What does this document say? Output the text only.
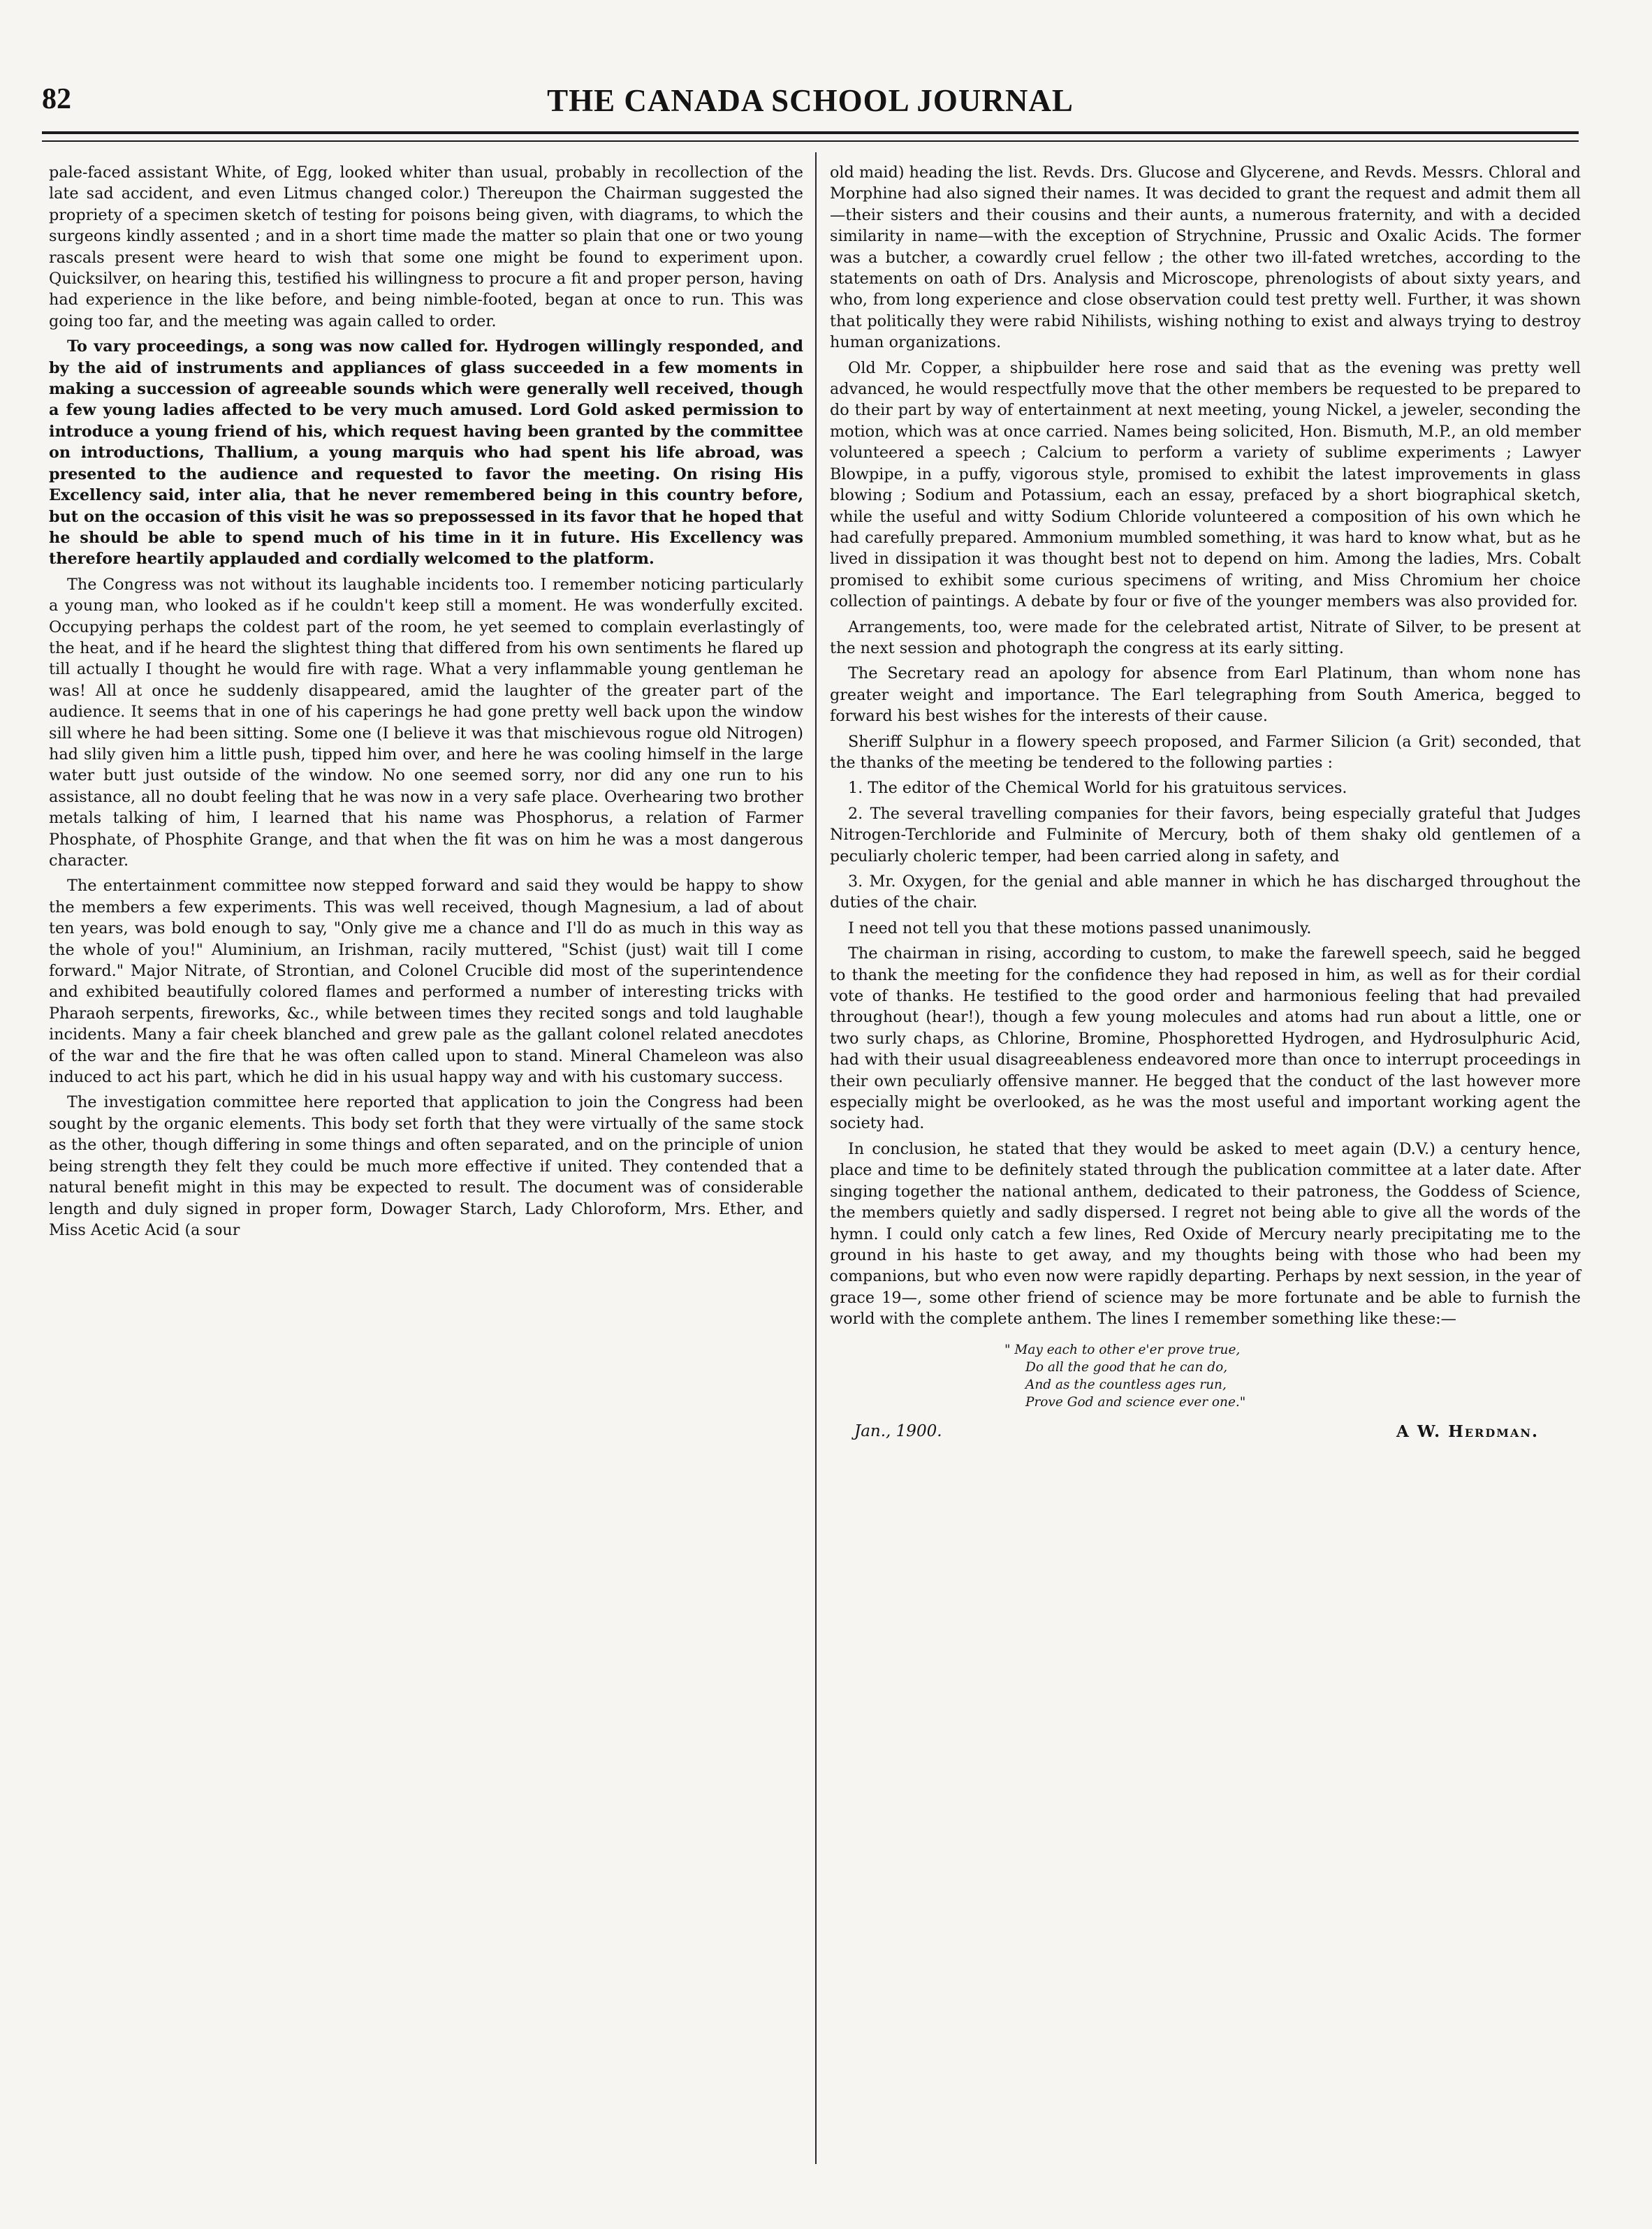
82	THE CANADA SCHOOL JOURNAL

pale-faced assistant White, of Egg, looked whiter than usual, probably in recollection of the late sad accident, and even Litmus changed color.) Thereupon the Chairman suggested the propriety of a specimen sketch of testing for poisons being given, with diagrams, to which the surgeons kindly assented ; and in a short time made the matter so plain that one or two young rascals present were heard to wish that some one might be found to experiment upon. Quicksilver, on hearing this, testified his willingness to procure a fit and proper person, having had experience in the like before, and being nimble-footed, began at once to run. This was going too far, and the meeting was again called to order.

To vary proceedings, a song was now called for. Hydrogen willingly responded, and by the aid of instruments and appliances of glass succeeded in a few moments in making a succession of agreeable sounds which were generally well received, though a few young ladies affected to be very much amused. Lord Gold asked permission to introduce a young friend of his, which request having been granted by the committee on introductions, Thallium, a young marquis who had spent his life abroad, was presented to the audience and requested to favor the meeting. On rising His Excellency said, inter alia, that he never remembered being in this country before, but on the occasion of this visit he was so prepossessed in its favor that he hoped that he should be able to spend much of his time in it in future. His Excellency was therefore heartily applauded and cordially welcomed to the platform.

The Congress was not without its laughable incidents too. I remember noticing particularly a young man, who looked as if he couldn't keep still a moment. He was wonderfully excited. Occupying perhaps the coldest part of the room, he yet seemed to complain everlastingly of the heat, and if he heard the slightest thing that differed from his own sentiments he flared up till actually I thought he would fire with rage. What a very inflammable young gentleman he was! All at once he suddenly disappeared, amid the laughter of the greater part of the audience. It seems that in one of his caperings he had gone pretty well back upon the window sill where he had been sitting. Some one (I believe it was that mischievous rogue old Nitrogen) had slily given him a little push, tipped him over, and here he was cooling himself in the large water butt just outside of the window. No one seemed sorry, nor did any one run to his assistance, all no doubt feeling that he was now in a very safe place. Overhearing two brother metals talking of him, I learned that his name was Phosphorus, a relation of Farmer Phosphate, of Phosphite Grange, and that when the fit was on him he was a most dangerous character.

The entertainment committee now stepped forward and said they would be happy to show the members a few experiments. This was well received, though Magnesium, a lad of about ten years, was bold enough to say, "Only give me a chance and I'll do as much in this way as the whole of you!" Aluminium, an Irishman, racily muttered, "Schist (just) wait till I come forward." Major Nitrate, of Strontian, and Colonel Crucible did most of the superintendence and exhibited beautifully colored flames and performed a number of interesting tricks with Pharaoh serpents, fireworks, &c., while between times they recited songs and told laughable incidents. Many a fair cheek blanched and grew pale as the gallant colonel related anecdotes of the war and the fire that he was often called upon to stand. Mineral Chameleon was also induced to act his part, which he did in his usual happy way and with his customary success.

The investigation committee here reported that application to join the Congress had been sought by the organic elements. This body set forth that they were virtually of the same stock as the other, though differing in some things and often separated, and on the principle of union being strength they felt they could be much more effective if united. They contended that a natural benefit might in this may be expected to result. The document was of considerable length and duly signed in proper form, Dowager Starch, Lady Chloroform, Mrs. Ether, and Miss Acetic Acid (a sour

old maid) heading the list. Revds. Drs. Glucose and Glycerene, and Revds. Messrs. Chloral and Morphine had also signed their names. It was decided to grant the request and admit them all—their sisters and their cousins and their aunts, a numerous fraternity, and with a decided similarity in name—with the exception of Strychnine, Prussic and Oxalic Acids. The former was a butcher, a cowardly cruel fellow ; the other two ill-fated wretches, according to the statements on oath of Drs. Analysis and Microscope, phrenologists of about sixty years, and who, from long experience and close observation could test pretty well. Further, it was shown that politically they were rabid Nihilists, wishing nothing to exist and always trying to destroy human organizations.

Old Mr. Copper, a shipbuilder here rose and said that as the evening was pretty well advanced, he would respectfully move that the other members be requested to be prepared to do their part by way of entertainment at next meeting, young Nickel, a jeweler, seconding the motion, which was at once carried. Names being solicited, Hon. Bismuth, M.P., an old member volunteered a speech ; Calcium to perform a variety of sublime experiments ; Lawyer Blowpipe, in a puffy, vigorous style, promised to exhibit the latest improvements in glass blowing ; Sodium and Potassium, each an essay, prefaced by a short biographical sketch, while the useful and witty Sodium Chloride volunteered a composition of his own which he had carefully prepared. Ammonium mumbled something, it was hard to know what, but as he lived in dissipation it was thought best not to depend on him. Among the ladies, Mrs. Cobalt promised to exhibit some curious specimens of writing, and Miss Chromium her choice collection of paintings. A debate by four or five of the younger members was also provided for.

Arrangements, too, were made for the celebrated artist, Nitrate of Silver, to be present at the next session and photograph the congress at its early sitting.

The Secretary read an apology for absence from Earl Platinum, than whom none has greater weight and importance. The Earl telegraphing from South America, begged to forward his best wishes for the interests of their cause.

Sheriff Sulphur in a flowery speech proposed, and Farmer Silicion (a Grit) seconded, that the thanks of the meeting be tendered to the following parties :

1. The editor of the Chemical World for his gratuitous services.
2. The several travelling companies for their favors, being especially grateful that Judges Nitrogen-Terchloride and Fulminite of Mercury, both of them shaky old gentlemen of a peculiarly choleric temper, had been carried along in safety, and
3. Mr. Oxygen, for the genial and able manner in which he has discharged throughout the duties of the chair.

I need not tell you that these motions passed unanimously.

The chairman in rising, according to custom, to make the farewell speech, said he begged to thank the meeting for the confidence they had reposed in him, as well as for their cordial vote of thanks. He testified to the good order and harmonious feeling that had prevailed throughout (hear!), though a few young molecules and atoms had run about a little, one or two surly chaps, as Chlorine, Bromine, Phosphoretted Hydrogen, and Hydrosulphuric Acid, had with their usual disagreeableness endeavored more than once to interrupt proceedings in their own peculiarly offensive manner. He begged that the conduct of the last however more especially might be overlooked, as he was the most useful and important working agent the society had.

In conclusion, he stated that they would be asked to meet again (D.V.) a century hence, place and time to be definitely stated through the publication committee at a later date. After singing together the national anthem, dedicated to their patroness, the Goddess of Science, the members quietly and sadly dispersed. I regret not being able to give all the words of the hymn. I could only catch a few lines, Red Oxide of Mercury nearly precipitating me to the ground in his haste to get away, and my thoughts being with those who had been my companions, but who even now were rapidly departing. Perhaps by next session, in the year of grace 19—, some other friend of science may be more fortunate and be able to furnish the world with the complete anthem. The lines I remember something like these:—

" May each to other e'er prove true,
Do all the good that he can do,
And as the countless ages run,
Prove God and science ever one."
Jan., 1900.	A W. Herdman.
